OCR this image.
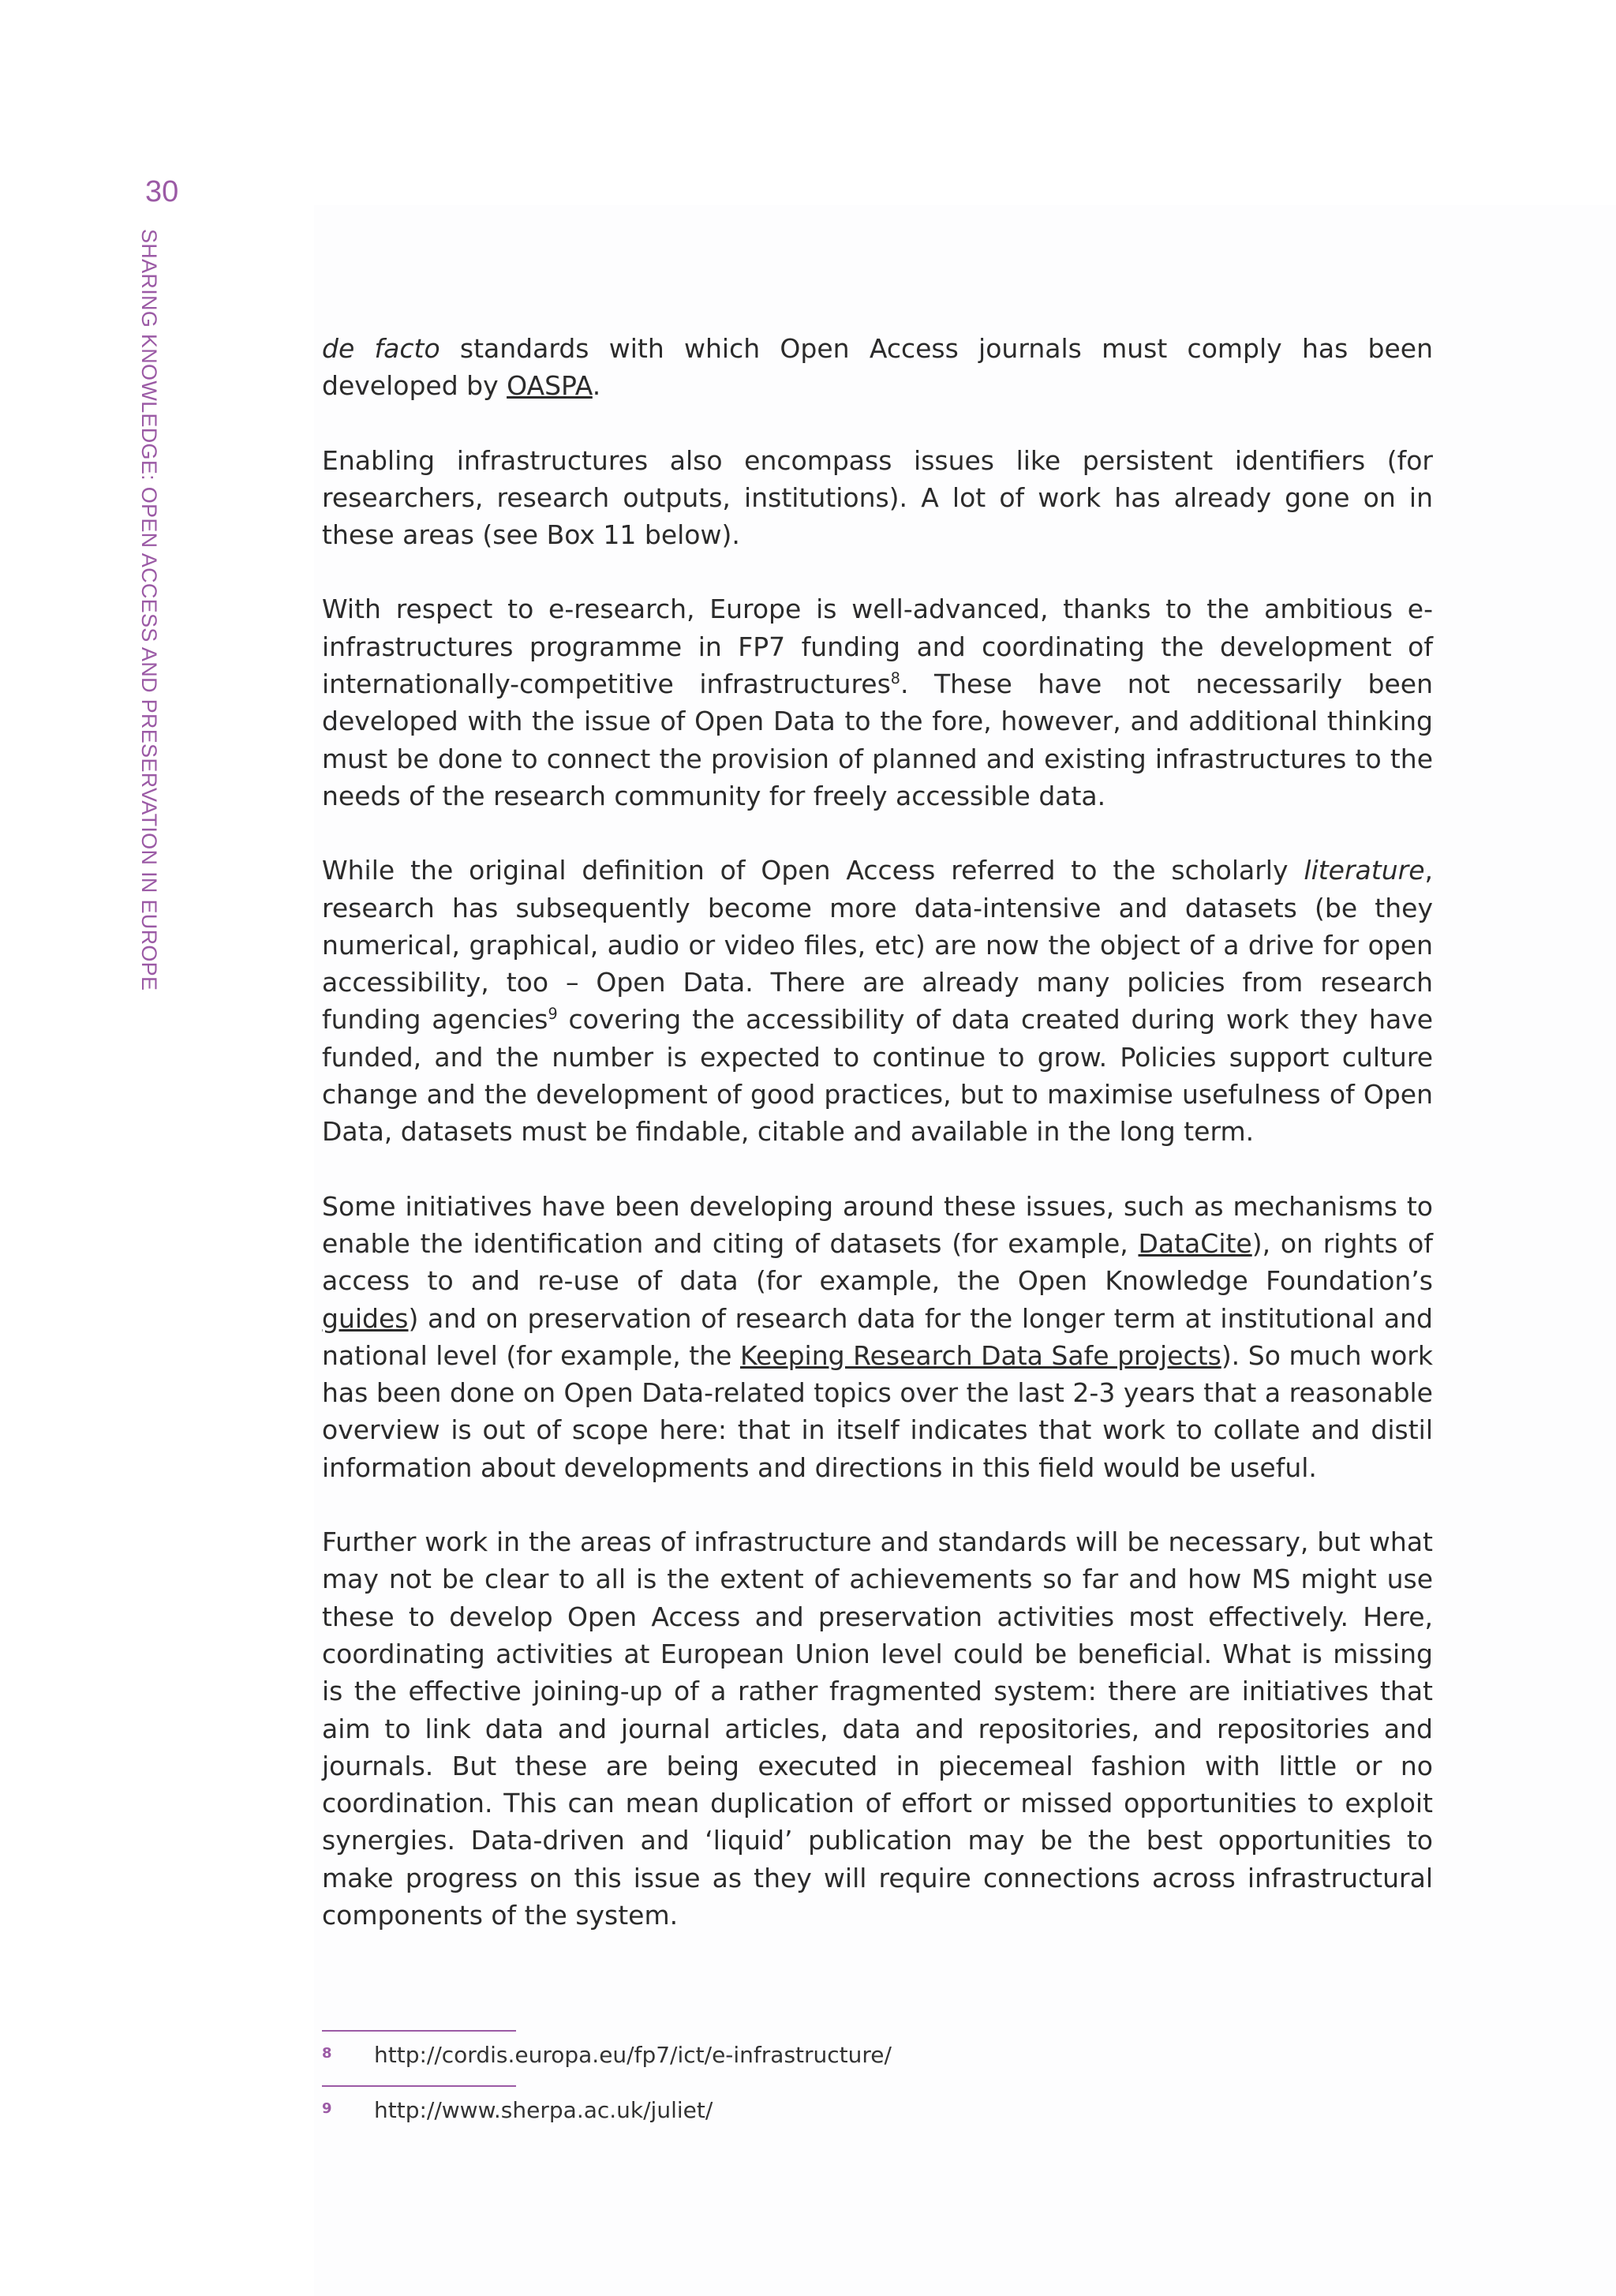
30

SHARING KNOWLEDGE: OPEN ACCESS AND PRESERVATION IN EUROPE	de facto standards with which Open Access journals must comply has been developed by OASPA.

Enabling infrastructures also encompass issues like persistent identifiers (for researchers, research outputs, institutions). A lot of work has already gone on in these areas (see Box 11 below).

With respect to e-research, Europe is well-advanced, thanks to the ambitious e-infrastructures programme in FP7 funding and coordinating the development of internationally-competitive infrastructures$^8$. These have not necessarily been developed with the issue of Open Data to the fore, however, and additional thinking must be done to connect the provision of planned and existing infrastructures to the needs of the research community for freely accessible data.

While the original definition of Open Access referred to the scholarly literature, research has subsequently become more data-intensive and datasets (be they numerical, graphical, audio or video files, etc) are now the object of a drive for open accessibility, too – Open Data. There are already many policies from research funding agencies$^9$ covering the accessibility of data created during work they have funded, and the number is expected to continue to grow. Policies support culture change and the development of good practices, but to maximise usefulness of Open Data, datasets must be findable, citable and available in the long term.

Some initiatives have been developing around these issues, such as mechanisms to enable the identification and citing of datasets (for example, DataCite), on rights of access to and re-use of data (for example, the Open Knowledge Foundation’s guides) and on preservation of research data for the longer term at institutional and national level (for example, the Keeping Research Data Safe projects). So much work has been done on Open Data-related topics over the last 2-3 years that a reasonable overview is out of scope here: that in itself indicates that work to collate and distil information about developments and directions in this field would be useful.

Further work in the areas of infrastructure and standards will be necessary, but what may not be clear to all is the extent of achievements so far and how MS might use these to develop Open Access and preservation activities most effectively. Here, coordinating activities at European Union level could be beneficial. What is missing is the effective joining-up of a rather fragmented system: there are initiatives that aim to link data and journal articles, data and repositories, and repositories and journals. But these are being executed in piecemeal fashion with little or no coordination. This can mean duplication of effort or missed opportunities to exploit synergies. Data-driven and ‘liquid’ publication may be the best opportunities to make progress on this issue as they will require connections across infrastructural components of the system.

8 http://cordis.europa.eu/fp7/ict/e-infrastructure/
9 http://www.sherpa.ac.uk/juliet/
